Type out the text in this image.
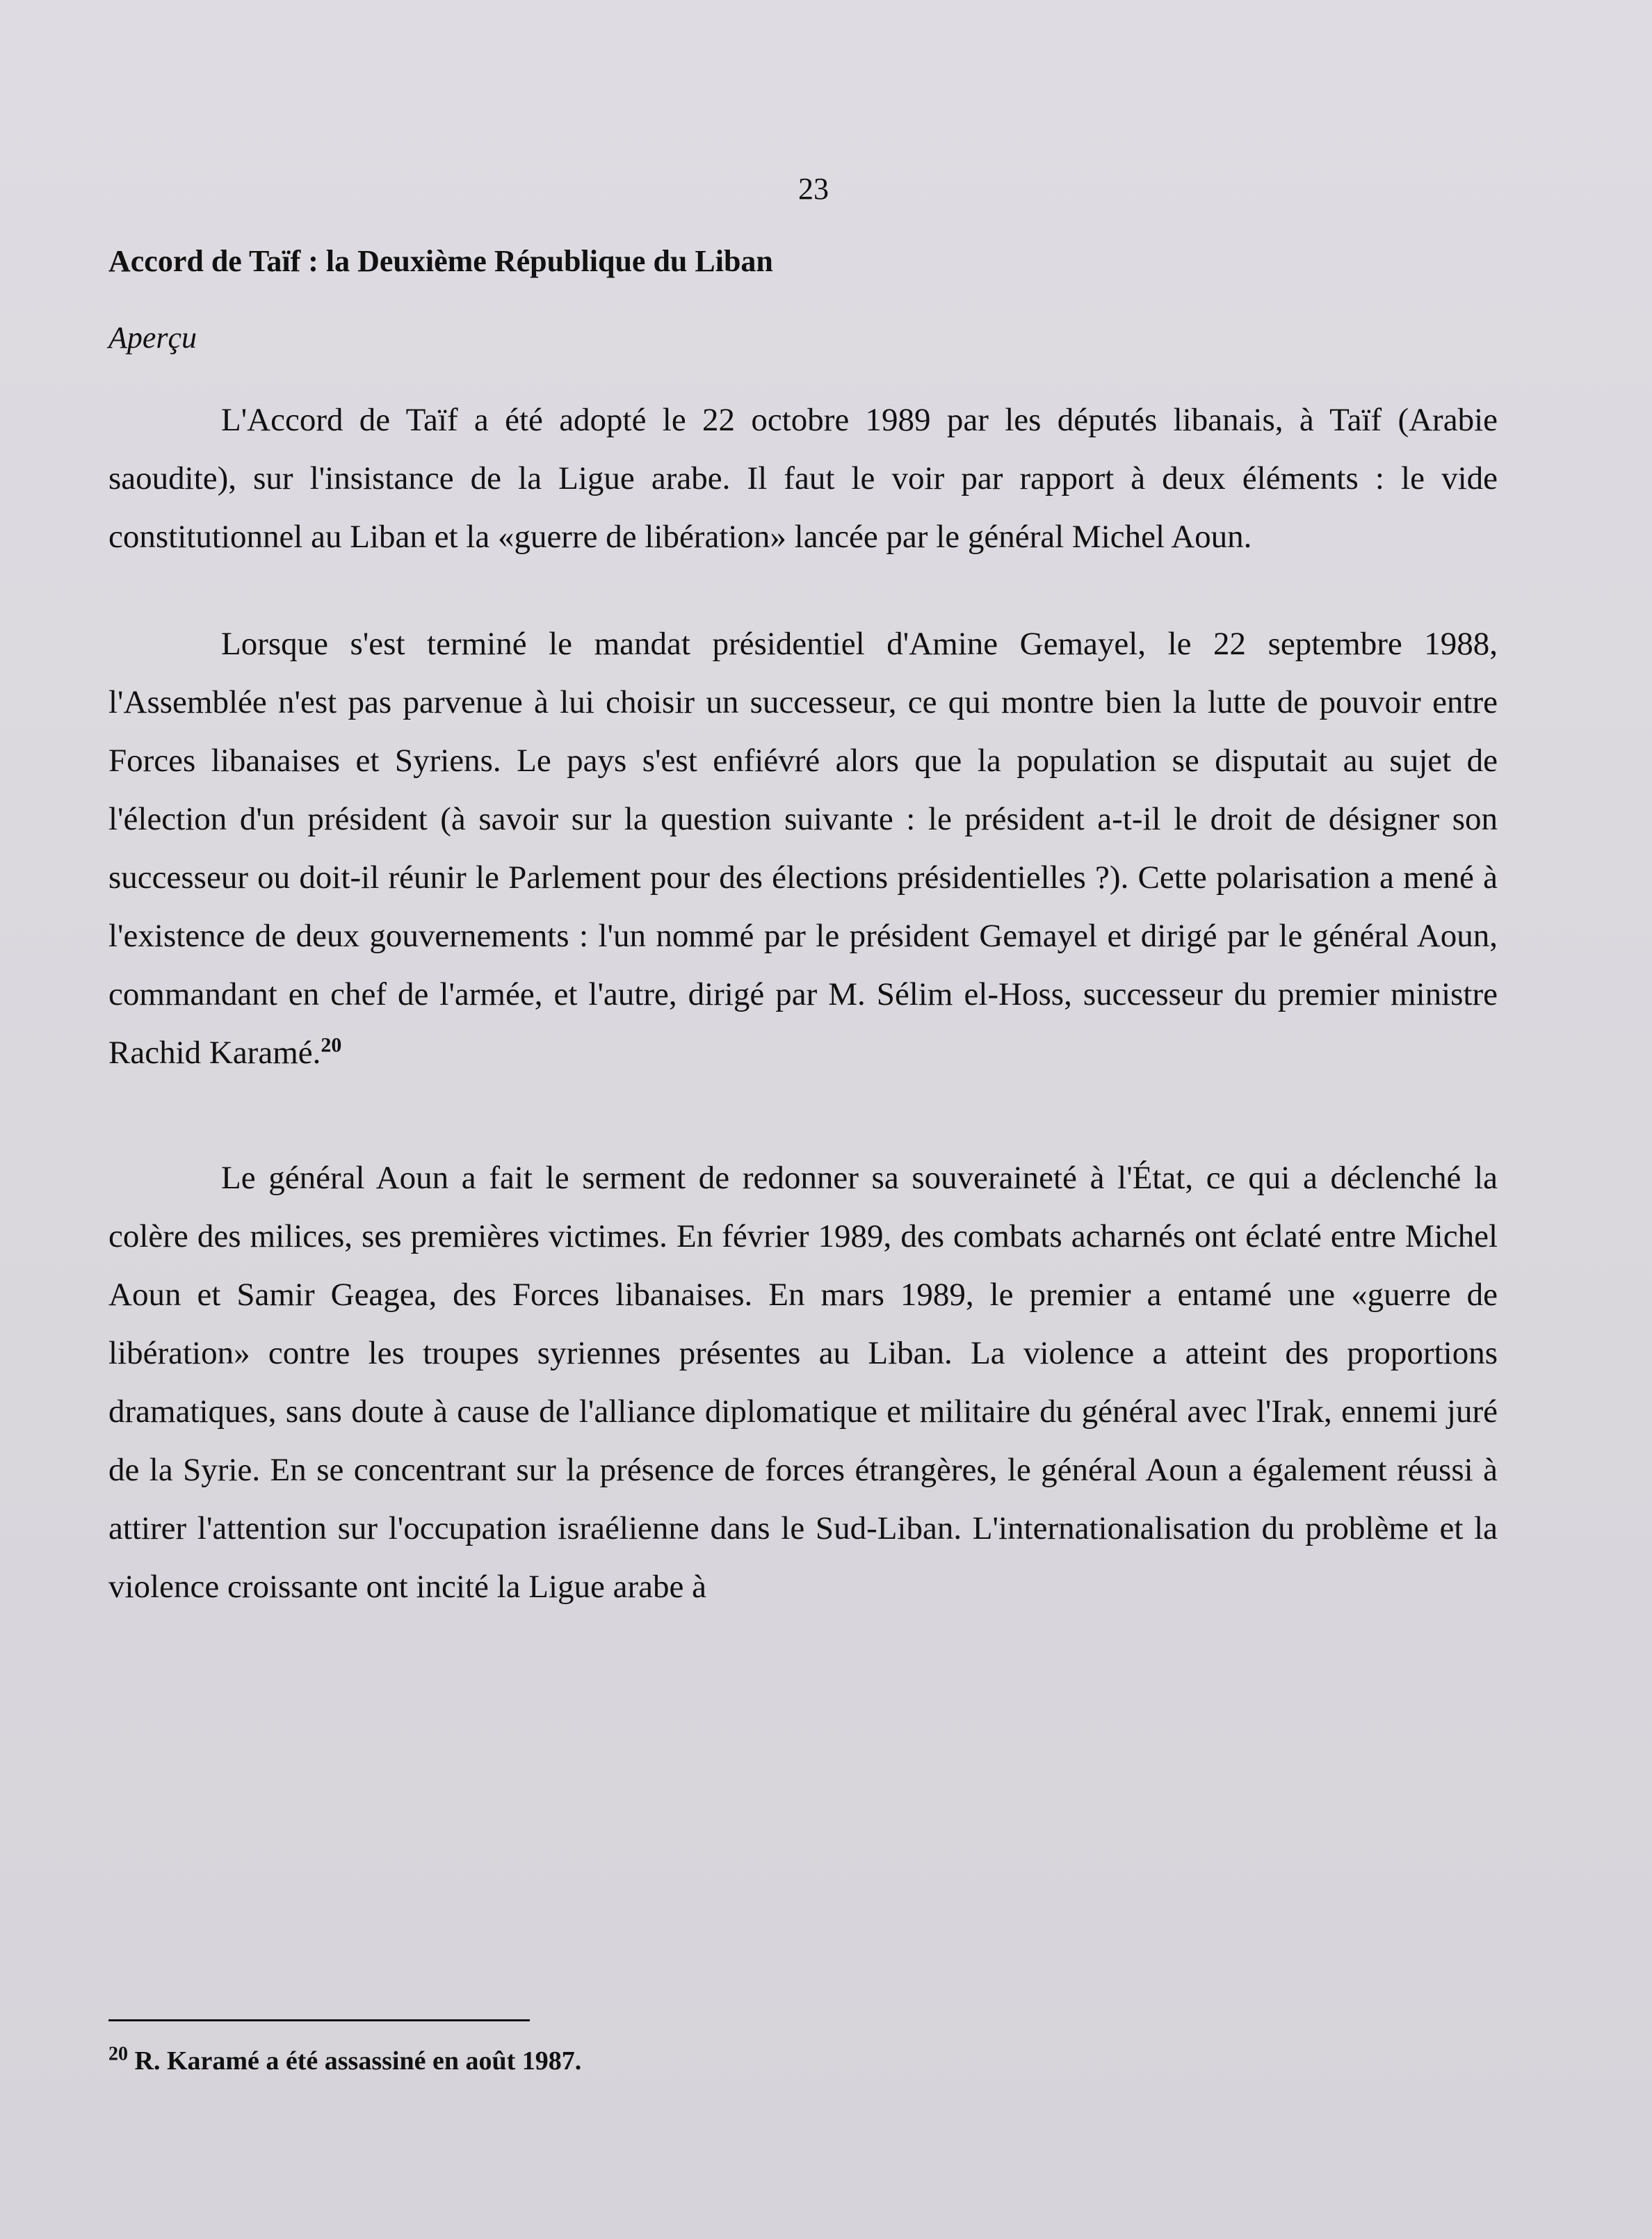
23
Accord de Taïf : la Deuxième République du Liban
Aperçu

L'Accord de Taïf a été adopté le 22 octobre 1989 par les députés libanais, à Taïf (Arabie saoudite), sur l'insistance de la Ligue arabe. Il faut le voir par rapport à deux éléments : le vide constitutionnel au Liban et la «guerre de libération» lancée par le général Michel Aoun.

Lorsque s'est terminé le mandat présidentiel d'Amine Gemayel, le 22 septembre 1988, l'Assemblée n'est pas parvenue à lui choisir un successeur, ce qui montre bien la lutte de pouvoir entre Forces libanaises et Syriens. Le pays s'est enfiévré alors que la population se disputait au sujet de l'élection d'un président (à savoir sur la question suivante : le président a-t-il le droit de désigner son successeur ou doit-il réunir le Parlement pour des élections présidentielles ?). Cette polarisation a mené à l'existence de deux gouvernements : l'un nommé par le président Gemayel et dirigé par le général Aoun, commandant en chef de l'armée, et l'autre, dirigé par M. Sélim el-Hoss, successeur du premier ministre Rachid Karamé.$^{20}$

Le général Aoun a fait le serment de redonner sa souveraineté à l'État, ce qui a déclenché la colère des milices, ses premières victimes. En février 1989, des combats acharnés ont éclaté entre Michel Aoun et Samir Geagea, des Forces libanaises. En mars 1989, le premier a entamé une «guerre de libération» contre les troupes syriennes présentes au Liban. La violence a atteint des proportions dramatiques, sans doute à cause de l'alliance diplomatique et militaire du général avec l'Irak, ennemi juré de la Syrie. En se concentrant sur la présence de forces étrangères, le général Aoun a également réussi à attirer l'attention sur l'occupation israélienne dans le Sud-Liban. L'internationalisation du problème et la violence croissante ont incité la Ligue arabe à

$^{20}$ R. Karamé a été assassiné en août 1987.
